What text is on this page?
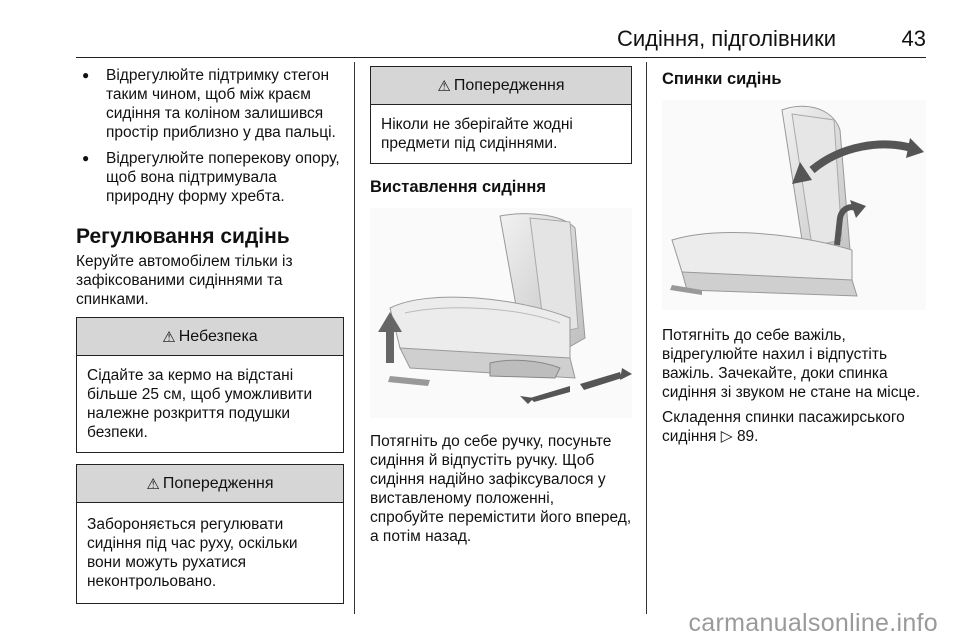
Сидіння, підголівники	43
● Відрегулюйте підтримку стегон таким чином, щоб між краєм сидіння та коліном залишився простір приблизно у два пальці.
● Відрегулюйте поперекову опору, щоб вона підтримувала природну форму хребта.
Регулювання сидінь
Керуйте автомобілем тільки із зафіксованими сидіннями та спинками.
⚠ Небезпека
Сідайте за кермо на відстані більше 25 см, щоб уможливити належне розкриття подушки безпеки.
⚠ Попередження
Забороняється регулювати сидіння під час руху, оскільки вони можуть рухатися неконтрольовано.
⚠ Попередження
Ніколи не зберігайте жодні предмети під сидіннями.
Виставлення сидіння
Потягніть до себе ручку, посуньте сидіння й відпустіть ручку. Щоб сидіння надійно зафіксувалося у виставленому положенні, спробуйте перемістити його вперед, а потім назад.
Спинки сидінь
Потягніть до себе важіль, відрегулюйте нахил і відпустіть важіль. Зачекайте, доки спинка сидіння зі звуком не стане на місце.
Складення спинки пасажирського сидіння ▷ 89.
carmanualsonline.info
